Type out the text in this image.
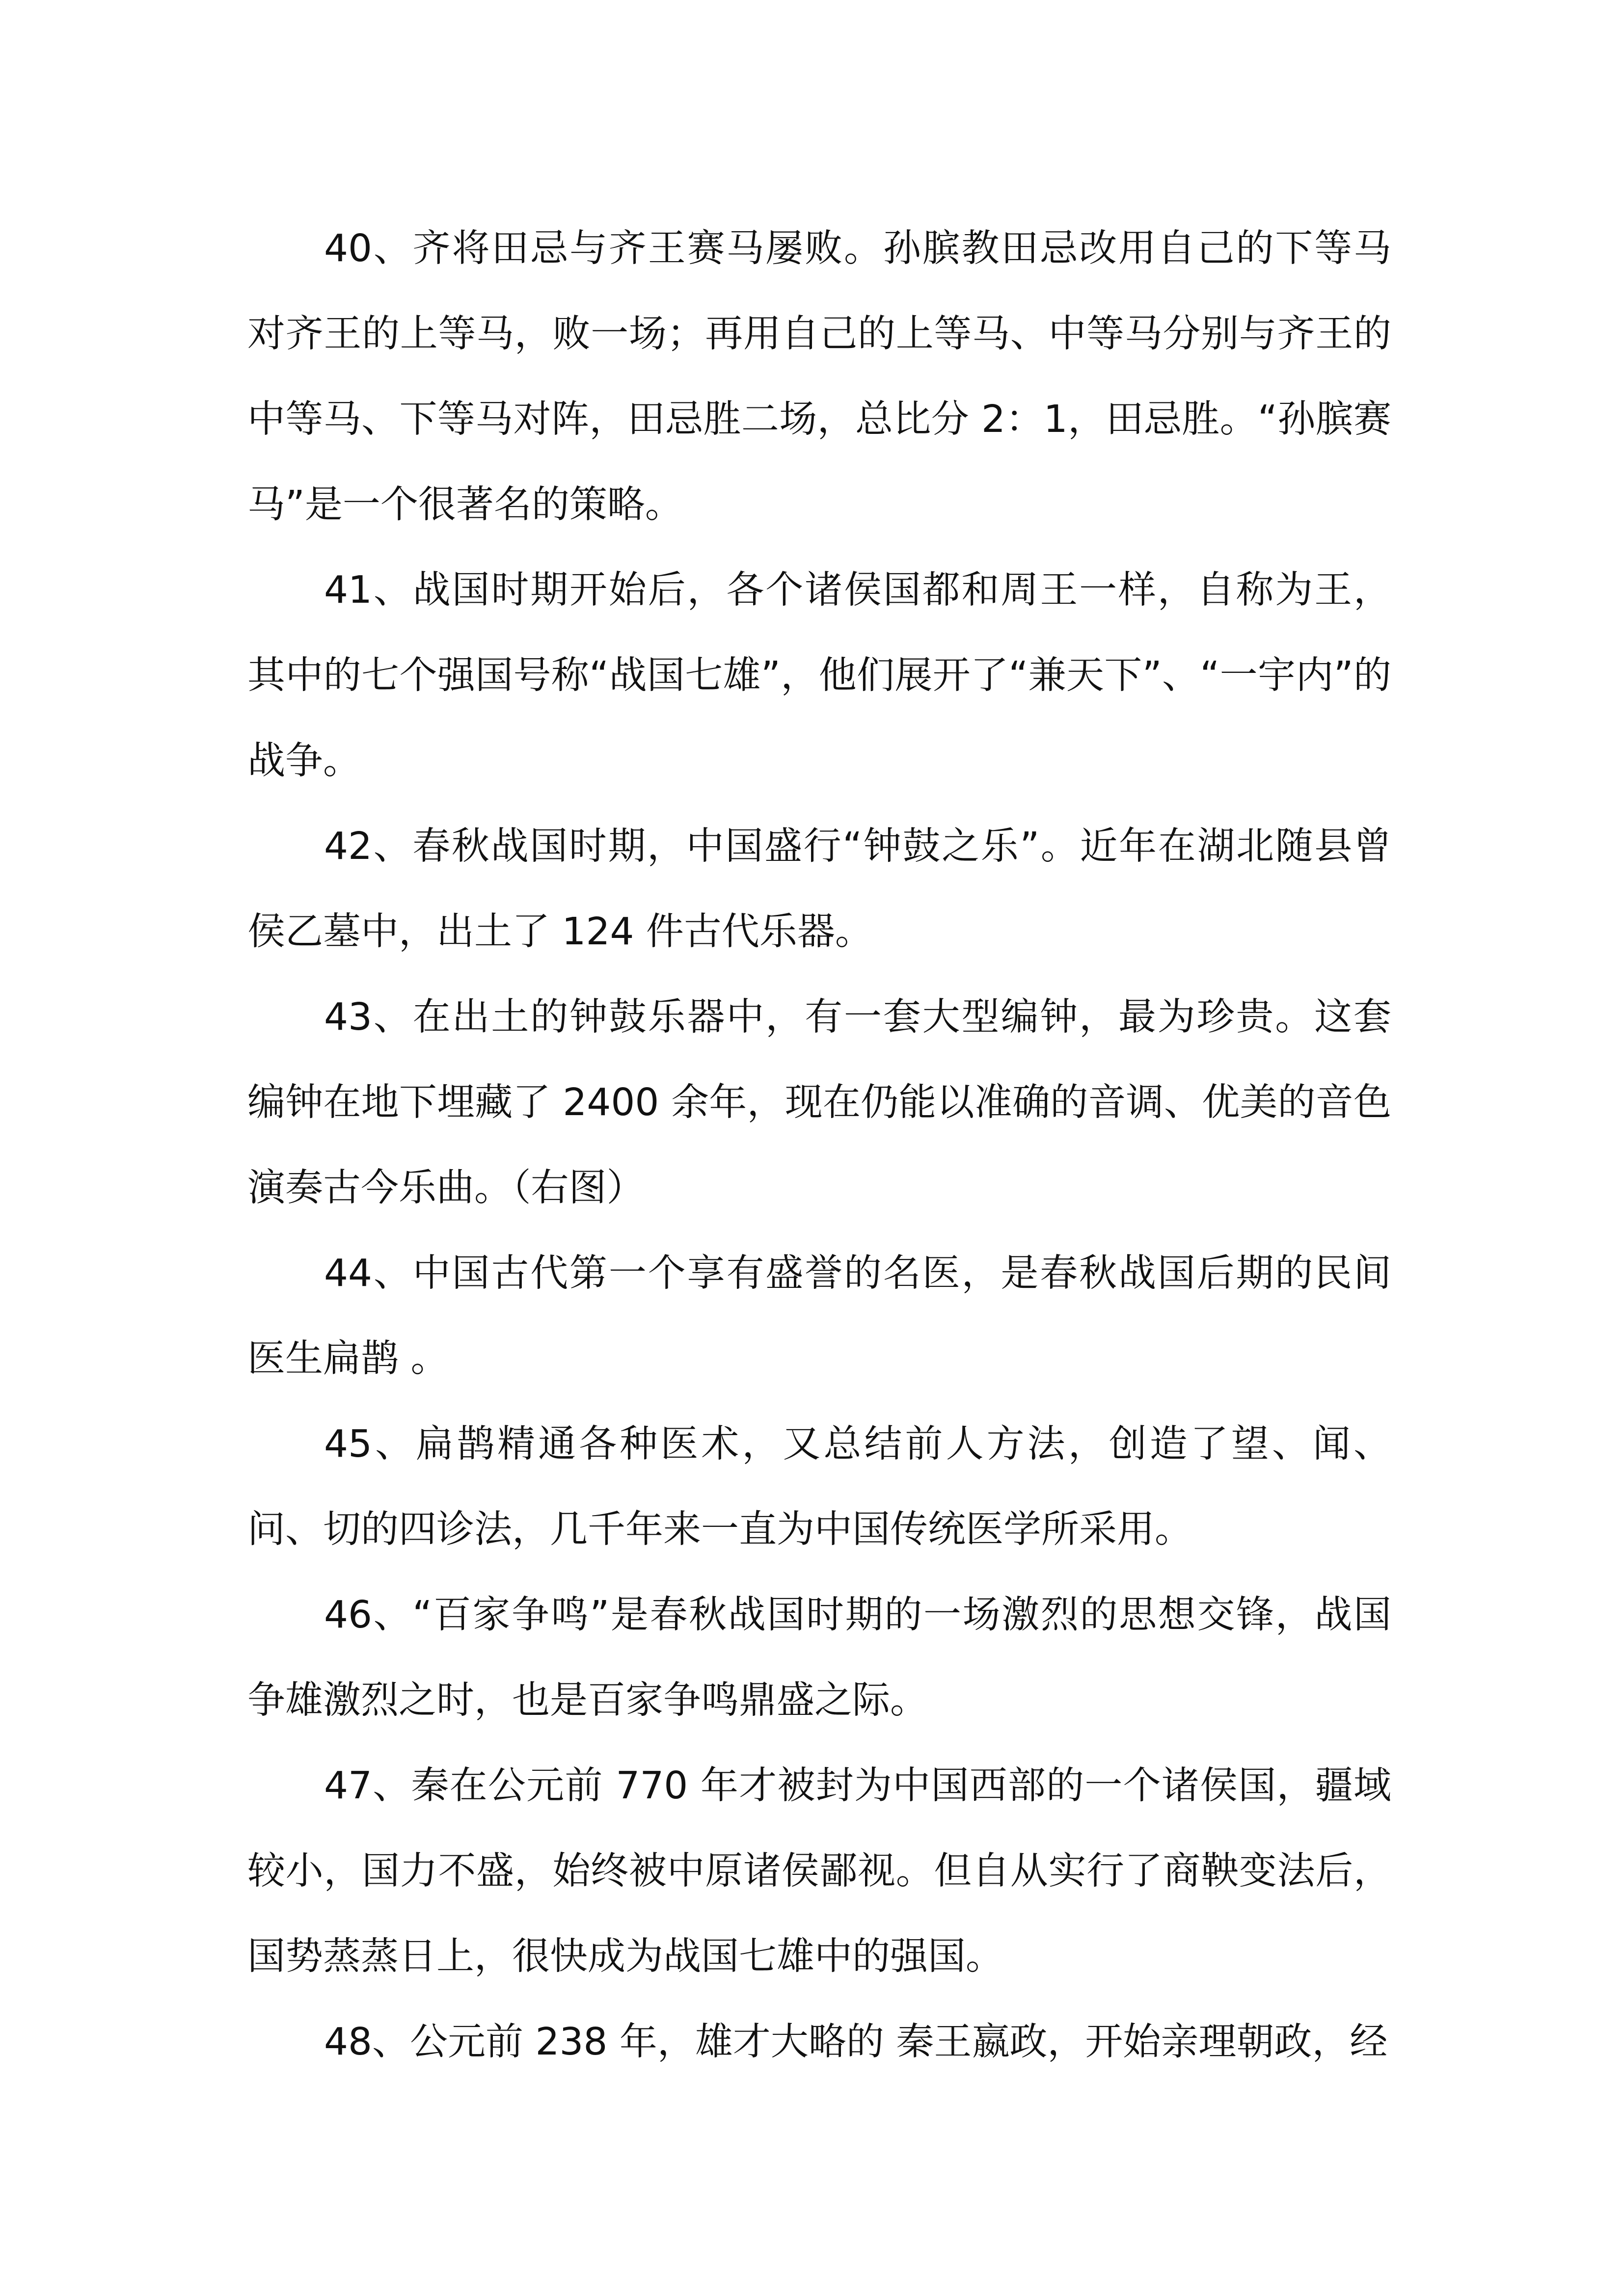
40、齐将田忌与齐王赛马屡败。孙膑教田忌改用自己的下等马对齐王的上等马，败一场；再用自己的上等马、中等马分别与齐王的中等马、下等马对阵，田忌胜二场，总比分 2：1，田忌胜。“孙膑赛马”是一个很著名的策略。

41、战国时期开始后，各个诸侯国都和周王一样，自称为王，其中的七个强国号称“战国七雄”，他们展开了“兼天下”、“一宇内”的战争。

42、春秋战国时期，中国盛行“钟鼓之乐”。近年在湖北随县曾侯乙墓中，出土了 124 件古代乐器。

43、在出土的钟鼓乐器中，有一套大型编钟，最为珍贵。这套编钟在地下埋藏了 2400 余年，现在仍能以准确的音调、优美的音色演奏古今乐曲。（右图）

44、中国古代第一个享有盛誉的名医，是春秋战国后期的民间医生扁鹊 。

45、扁鹊精通各种医术，又总结前人方法，创造了望、闻、问、切的四诊法，几千年来一直为中国传统医学所采用。

46、“百家争鸣”是春秋战国时期的一场激烈的思想交锋，战国争雄激烈之时，也是百家争鸣鼎盛之际。

47、秦在公元前 770 年才被封为中国西部的一个诸侯国，疆域较小，国力不盛，始终被中原诸侯鄙视。但自从实行了商鞅变法后，国势蒸蒸日上，很快成为战国七雄中的强国。

48、公元前 238 年，雄才大略的 秦王嬴政，开始亲理朝政，经
